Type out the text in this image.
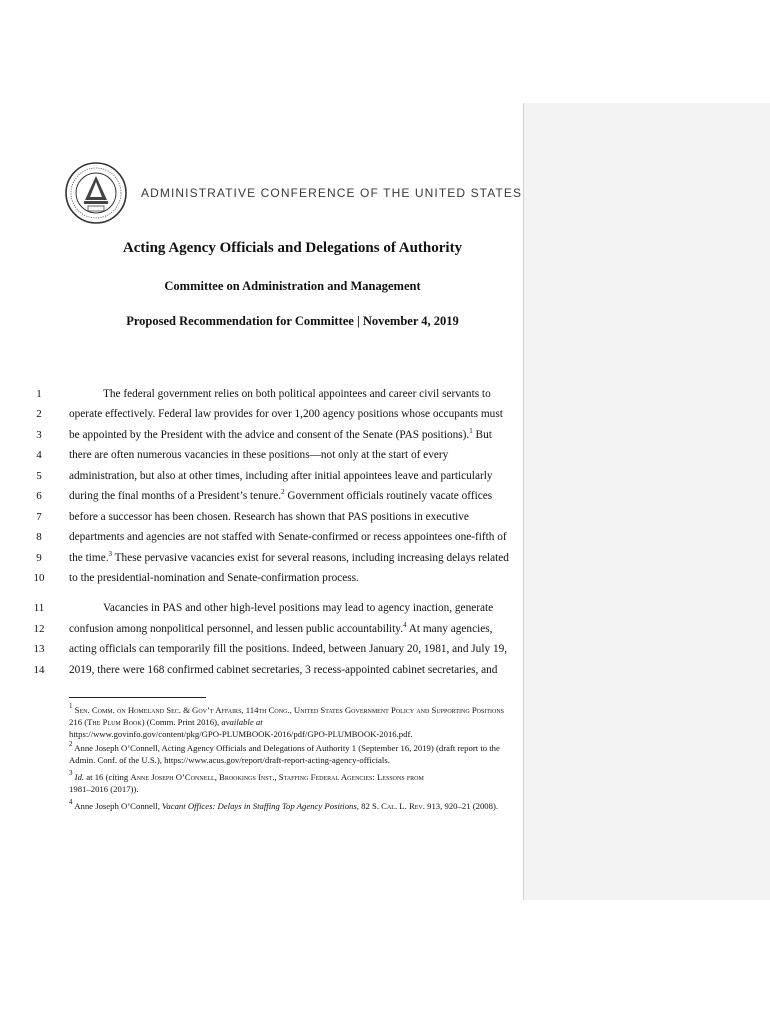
ADMINISTRATIVE CONFERENCE OF THE UNITED STATES
Acting Agency Officials and Delegations of Authority
Committee on Administration and Management
Proposed Recommendation for Committee | November 4, 2019
1	The federal government relies on both political appointees and career civil servants to
2	operate effectively. Federal law provides for over 1,200 agency positions whose occupants must
3	be appointed by the President with the advice and consent of the Senate (PAS positions).$^1$ But
4	there are often numerous vacancies in these positions—not only at the start of every
5	administration, but also at other times, including after initial appointees leave and particularly
6	during the final months of a President’s tenure.$^2$ Government officials routinely vacate offices
7	before a successor has been chosen. Research has shown that PAS positions in executive
8	departments and agencies are not staffed with Senate-confirmed or recess appointees one-fifth of
9	the time.$^3$ These pervasive vacancies exist for several reasons, including increasing delays related
10	to the presidential-nomination and Senate-confirmation process.
11	Vacancies in PAS and other high-level positions may lead to agency inaction, generate
12	confusion among nonpolitical personnel, and lessen public accountability.$^4$ At many agencies,
13	acting officials can temporarily fill the positions. Indeed, between January 20, 1981, and July 19,
14	2019, there were 168 confirmed cabinet secretaries, 3 recess-appointed cabinet secretaries, and
$^1$ Sen. Comm. on Homeland Sec. & Gov’t Affairs, 114th Cong., United States Government Policy and Supporting Positions 216 (The Plum Book) (Comm. Print 2016), available at
https://www.govinfo.gov/content/pkg/GPO-PLUMBOOK-2016/pdf/GPO-PLUMBOOK-2016.pdf.
$^2$ Anne Joseph O’Connell, Acting Agency Officials and Delegations of Authority 1 (September 16, 2019) (draft report to the Admin. Conf. of the U.S.), https://www.acus.gov/report/draft-report-acting-agency-officials.
$^3$ Id. at 16 (citing Anne Joseph O’Connell, Brookings Inst., Staffing Federal Agencies: Lessons from
1981–2016 (2017)).
$^4$ Anne Joseph O’Connell, Vacant Offices: Delays in Staffing Top Agency Positions, 82 S. Cal. L. Rev. 913, 920–21 (2008).
